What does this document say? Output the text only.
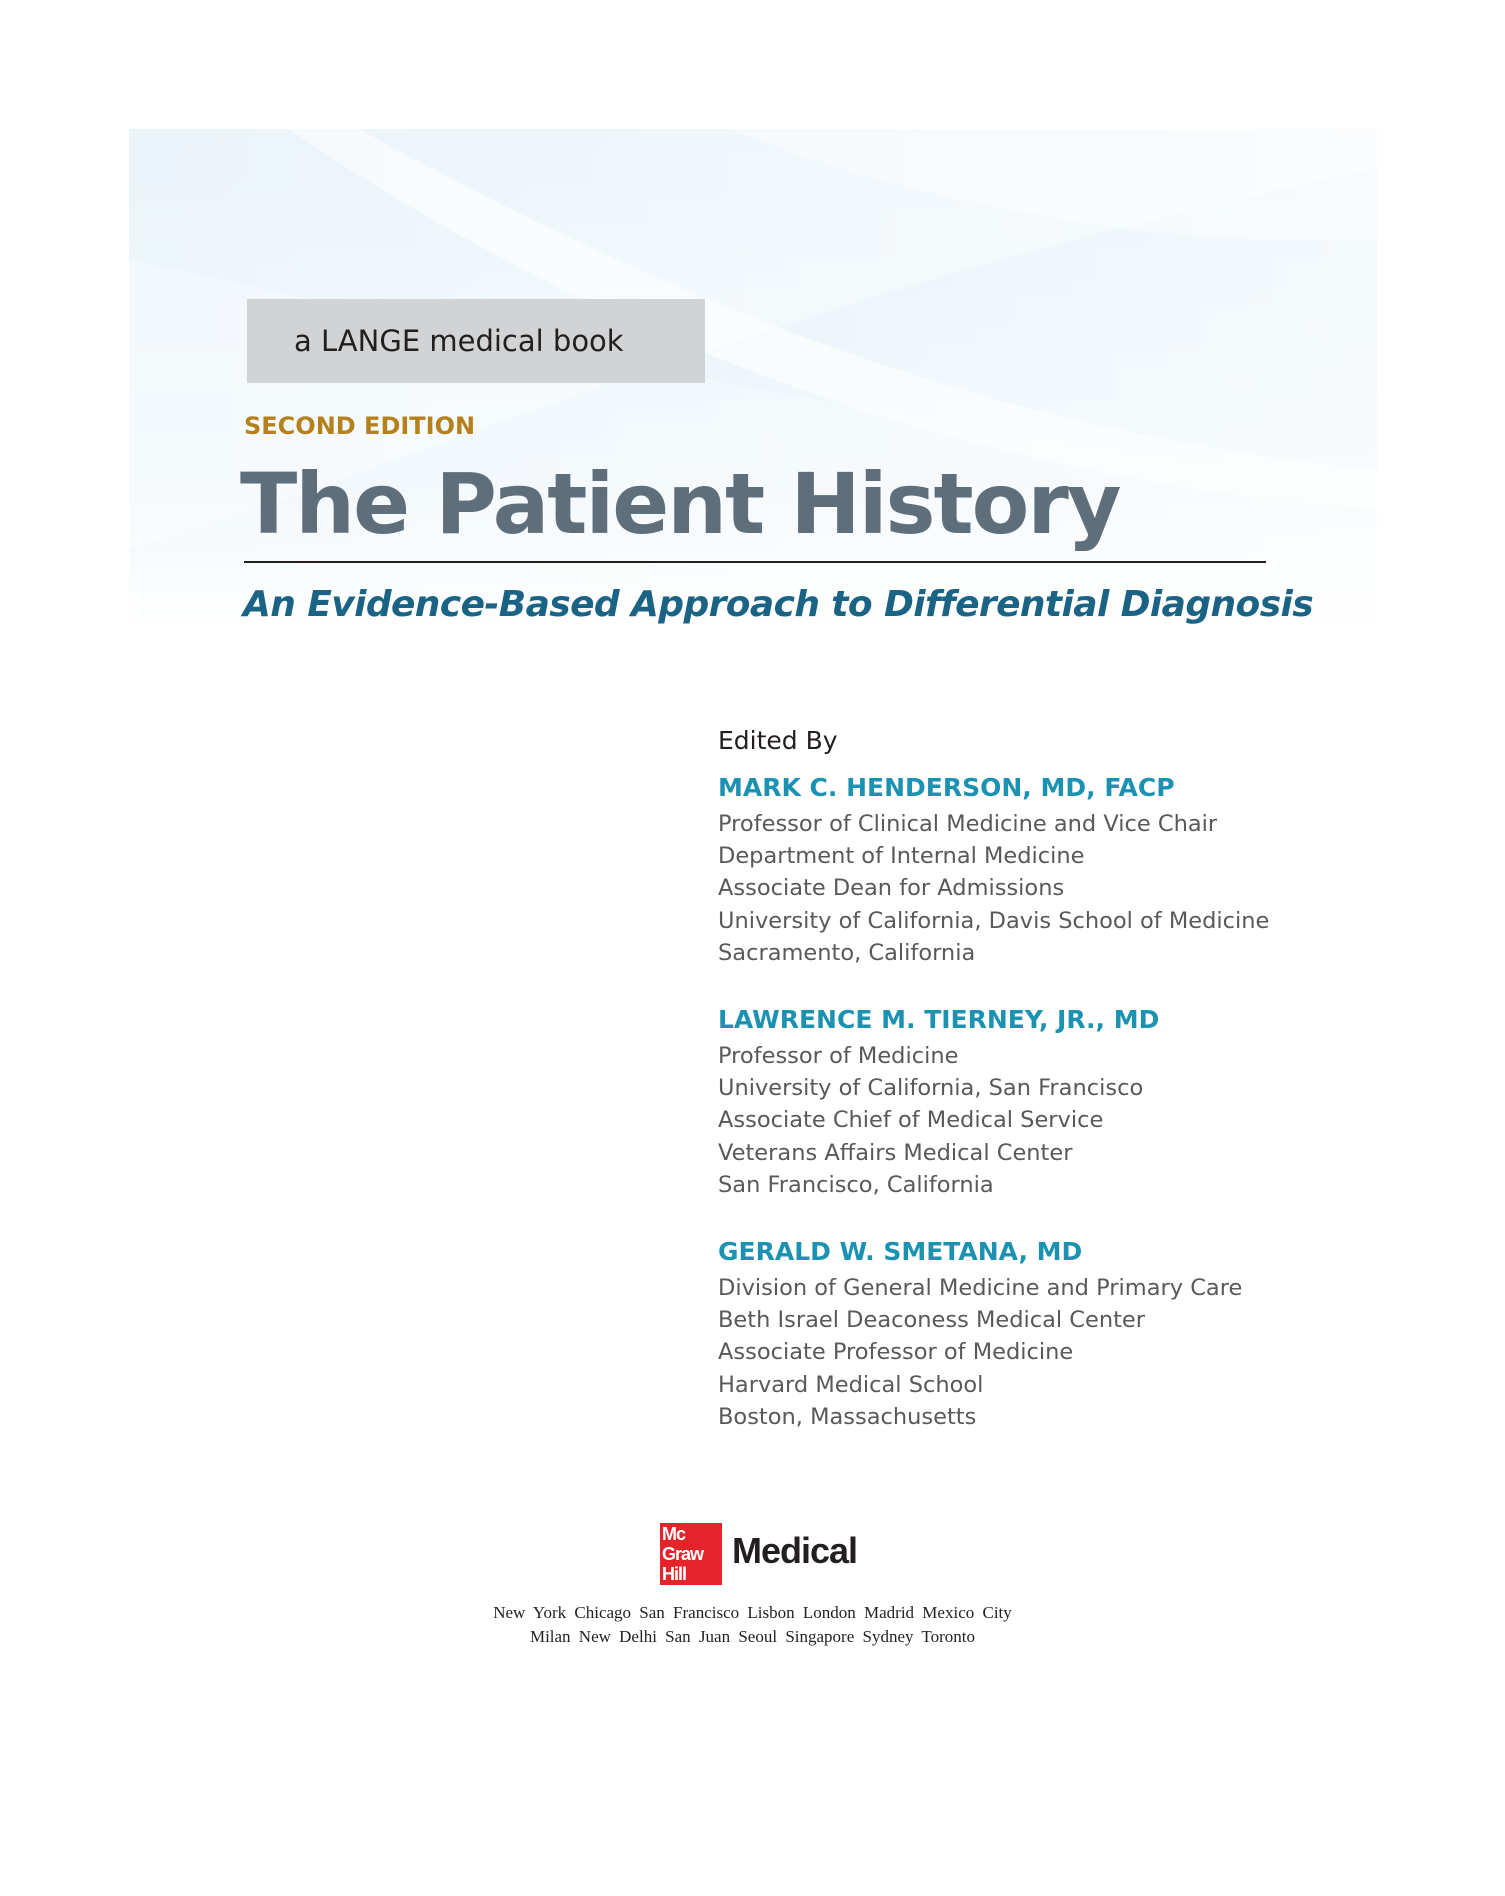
a LANGE medical book
SECOND EDITION
The Patient History
An Evidence-Based Approach to Differential Diagnosis
Edited By
MARK C. HENDERSON, MD, FACP
Professor of Clinical Medicine and Vice Chair
Department of Internal Medicine
Associate Dean for Admissions
University of California, Davis School of Medicine
Sacramento, California
LAWRENCE M. TIERNEY, JR., MD
Professor of Medicine
University of California, San Francisco
Associate Chief of Medical Service
Veterans Affairs Medical Center
San Francisco, California
GERALD W. SMETANA, MD
Division of General Medicine and Primary Care
Beth Israel Deaconess Medical Center
Associate Professor of Medicine
Harvard Medical School
Boston, Massachusetts
Mc
Graw
Hill
Medical
New York Chicago San Francisco Lisbon London Madrid Mexico City
Milan New Delhi San Juan Seoul Singapore Sydney Toronto
